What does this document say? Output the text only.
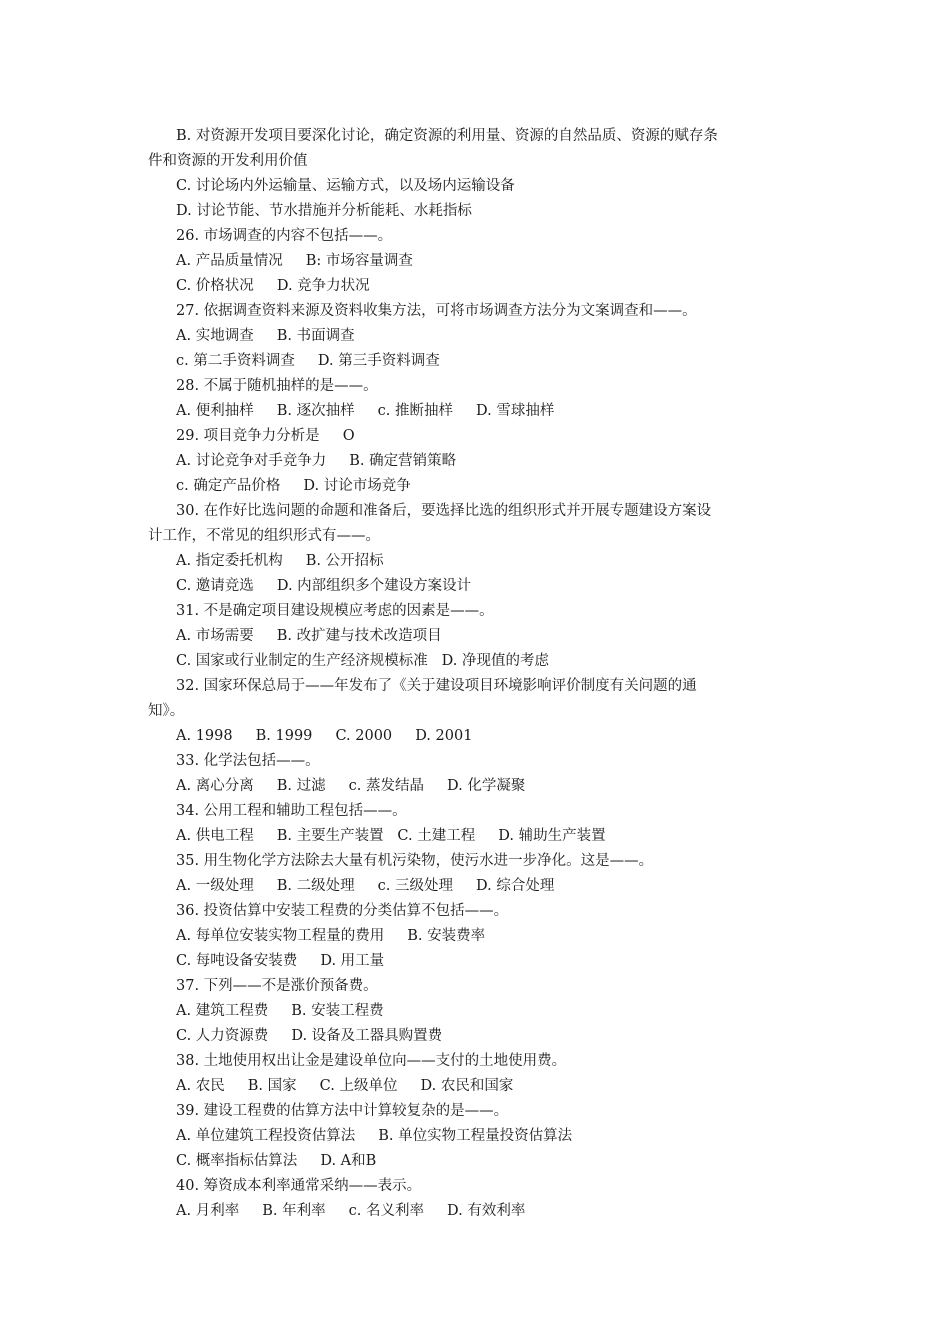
B. 对资源开发项目要深化讨论，确定资源的利用量、资源的自然品质、资源的赋存条
件和资源的开发利用价值
C. 讨论场内外运输量、运输方式，以及场内运输设备
D. 讨论节能、节水措施并分析能耗、水耗指标
26. 市场调查的内容不包括——。
A. 产品质量情况     B: 市场容量调查
C. 价格状况     D. 竞争力状况
27. 依据调查资料来源及资料收集方法，可将市场调查方法分为文案调查和——。
A. 实地调查     B. 书面调查
c. 第二手资料调查     D. 第三手资料调查
28. 不属于随机抽样的是——。
A. 便利抽样     B. 逐次抽样     c. 推断抽样     D. 雪球抽样
29. 项目竞争力分析是     O
A. 讨论竞争对手竞争力     B. 确定营销策略
c. 确定产品价格     D. 讨论市场竞争
30. 在作好比选问题的命题和准备后，要选择比选的组织形式并开展专题建设方案设
计工作，不常见的组织形式有——。
A. 指定委托机构     B. 公开招标
C. 邀请竞选     D. 内部组织多个建设方案设计
31. 不是确定项目建设规模应考虑的因素是——。
A. 市场需要     B. 改扩建与技术改造项目
C. 国家或行业制定的生产经济规模标准   D. 净现值的考虑
32. 国家环保总局于——年发布了《关于建设项目环境影响评价制度有关问题的通
知》。
A. 1998     B. 1999     C. 2000     D. 2001
33. 化学法包括——。
A. 离心分离     B. 过滤     c. 蒸发结晶     D. 化学凝聚
34. 公用工程和辅助工程包括——。
A. 供电工程     B. 主要生产装置   C. 土建工程     D. 辅助生产装置
35. 用生物化学方法除去大量有机污染物，使污水进一步净化。这是——。
A. 一级处理     B. 二级处理     c. 三级处理     D. 综合处理
36. 投资估算中安装工程费的分类估算不包括——。
A. 每单位安装实物工程量的费用     B. 安装费率
C. 每吨设备安装费     D. 用工量
37. 下列——不是涨价预备费。
A. 建筑工程费     B. 安装工程费
C. 人力资源费     D. 设备及工器具购置费
38. 土地使用权出让金是建设单位向——支付的土地使用费。
A. 农民     B. 国家     C. 上级单位     D. 农民和国家
39. 建设工程费的估算方法中计算较复杂的是——。
A. 单位建筑工程投资估算法     B. 单位实物工程量投资估算法
C. 概率指标估算法     D. A和B
40. 筹资成本利率通常采纳——表示。
A. 月利率     B. 年利率     c. 名义利率     D. 有效利率
